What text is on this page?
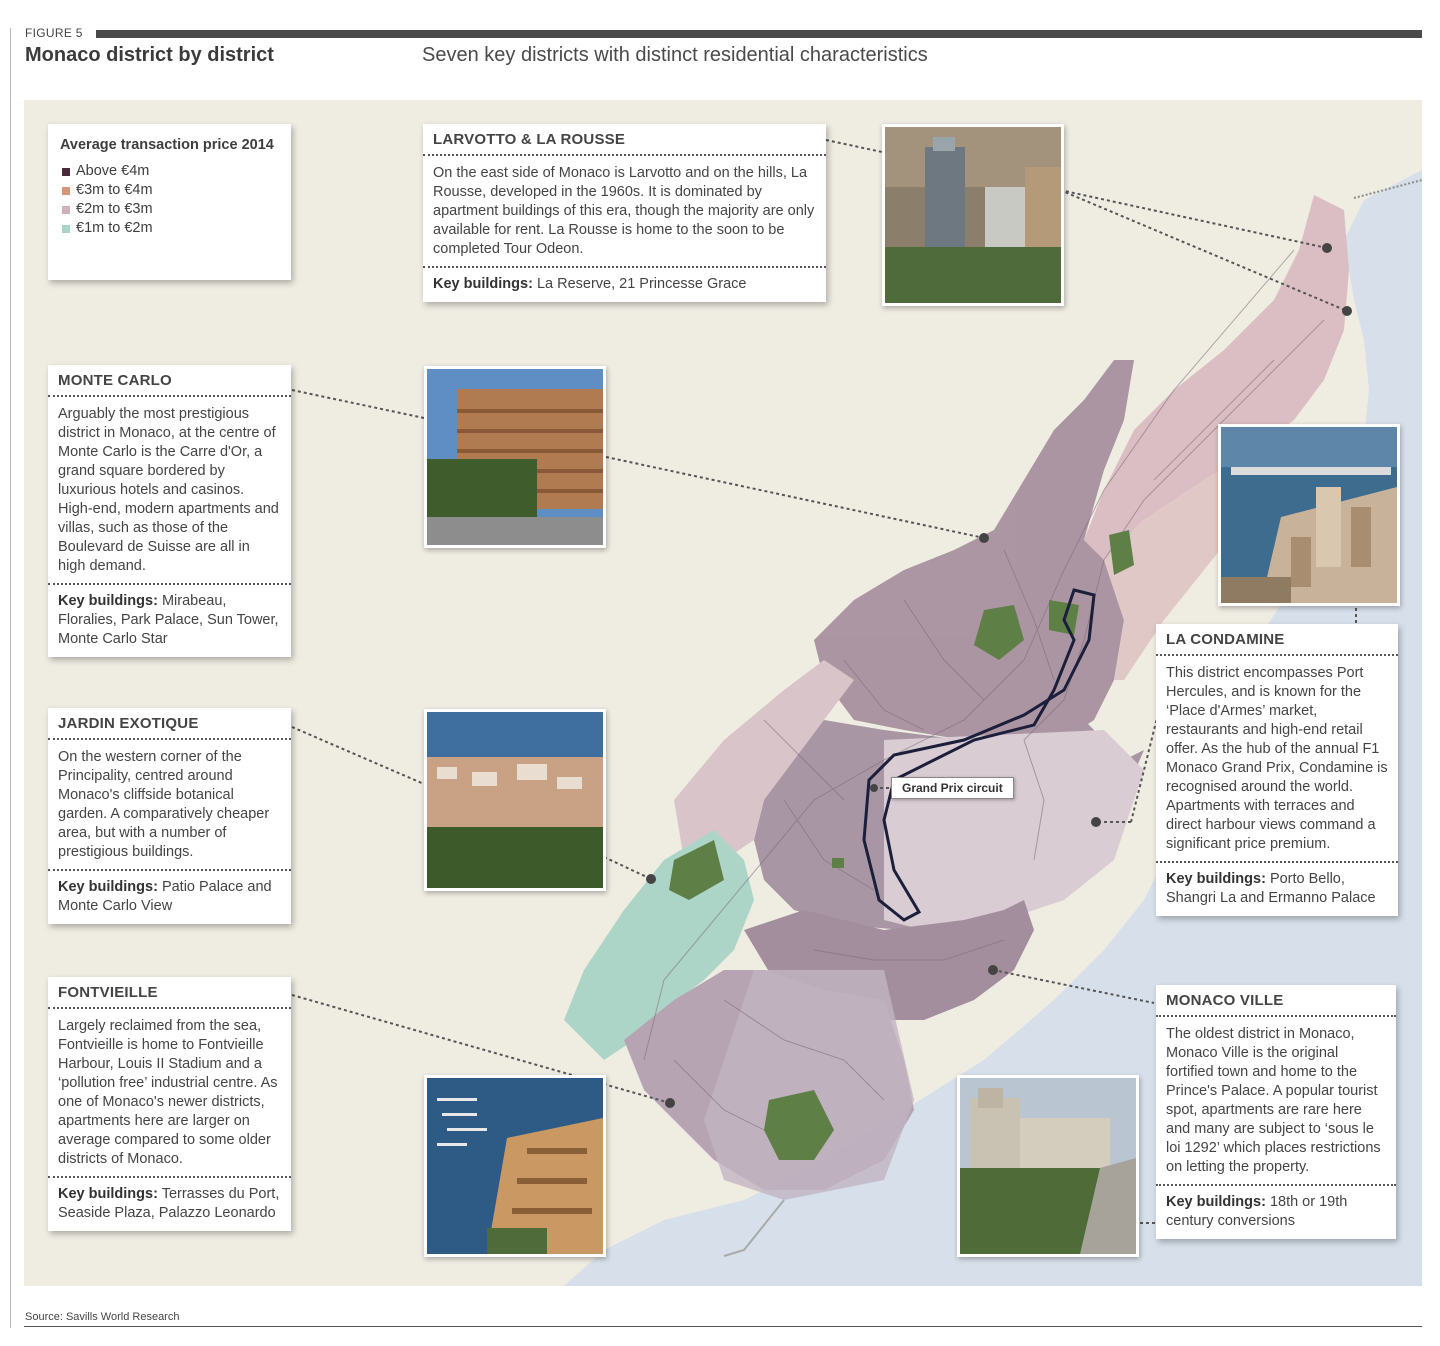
FIGURE 5
Monaco district by district	Seven key districts with distinct residential characteristics
Average transaction price 2014
Above €4m
€3m to €4m
€2m to €3m
€1m to €2m
LARVOTTO & LA ROUSSE
On the east side of Monaco is Larvotto and on the hills, La Rousse, developed in the 1960s. It is dominated by apartment buildings of this era, though the majority are only available for rent. La Rousse is home to the soon to be completed Tour Odeon.
Key buildings: La Reserve, 21 Princesse Grace
MONTE CARLO
Arguably the most prestigious district in Monaco, at the centre of Monte Carlo is the Carre d'Or, a grand square bordered by luxurious hotels and casinos. High-end, modern apartments and villas, such as those of the Boulevard de Suisse are all in high demand.
Key buildings: Mirabeau, Floralies, Park Palace, Sun Tower, Monte Carlo Star
JARDIN EXOTIQUE
On the western corner of the Principality, centred around Monaco's cliffside botanical garden. A comparatively cheaper area, but with a number of prestigious buildings.
Key buildings: Patio Palace and Monte Carlo View
FONTVIEILLE
Largely reclaimed from the sea, Fontvieille is home to Fontvieille Harbour, Louis II Stadium and a ‘pollution free’ industrial centre. As one of Monaco's newer districts, apartments here are larger on average compared to some older districts of Monaco.
Key buildings: Terrasses du Port, Seaside Plaza, Palazzo Leonardo
LA CONDAMINE
This district encompasses Port Hercules, and is known for the ‘Place d'Armes’ market, restaurants and high-end retail offer. As the hub of the annual F1 Monaco Grand Prix, Condamine is recognised around the world. Apartments with terraces and direct harbour views command a significant price premium.
Key buildings: Porto Bello, Shangri La and Ermanno Palace
MONACO VILLE
The oldest district in Monaco, Monaco Ville is the original fortified town and home to the Prince's Palace. A popular tourist spot, apartments are rare here and many are subject to ‘sous le loi 1292’ which places restrictions on letting the property.
Key buildings: 18th or 19th century conversions
Grand Prix circuit
Source: Savills World Research
